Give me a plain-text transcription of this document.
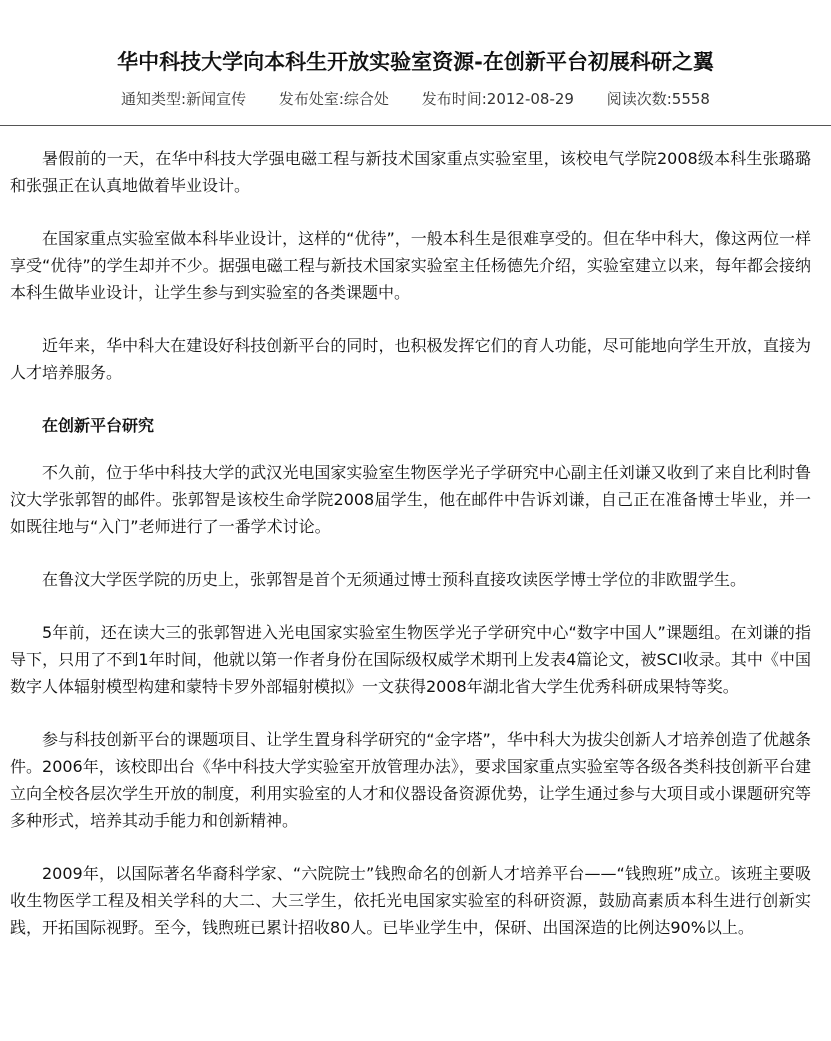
华中科技大学向本科生开放实验室资源-在创新平台初展科研之翼
通知类型:新闻宣传 发布处室:综合处 发布时间:2012-08-29 阅读次数:5558

暑假前的一天，在华中科技大学强电磁工程与新技术国家重点实验室里，该校电气学院2008级本科生张璐璐和张强正在认真地做着毕业设计。

在国家重点实验室做本科毕业设计，这样的“优待”，一般本科生是很难享受的。但在华中科大，像这两位一样享受“优待”的学生却并不少。据强电磁工程与新技术国家实验室主任杨德先介绍，实验室建立以来，每年都会接纳本科生做毕业设计，让学生参与到实验室的各类课题中。

近年来，华中科大在建设好科技创新平台的同时，也积极发挥它们的育人功能，尽可能地向学生开放，直接为人才培养服务。

在创新平台研究

不久前，位于华中科技大学的武汉光电国家实验室生物医学光子学研究中心副主任刘谦又收到了来自比利时鲁汶大学张郭智的邮件。张郭智是该校生命学院2008届学生，他在邮件中告诉刘谦，自己正在准备博士毕业，并一如既往地与“入门”老师进行了一番学术讨论。

在鲁汶大学医学院的历史上，张郭智是首个无须通过博士预科直接攻读医学博士学位的非欧盟学生。

5年前，还在读大三的张郭智进入光电国家实验室生物医学光子学研究中心“数字中国人”课题组。在刘谦的指导下，只用了不到1年时间，他就以第一作者身份在国际级权威学术期刊上发表4篇论文，被SCI收录。其中《中国数字人体辐射模型构建和蒙特卡罗外部辐射模拟》一文获得2008年湖北省大学生优秀科研成果特等奖。

参与科技创新平台的课题项目、让学生置身科学研究的“金字塔”，华中科大为拔尖创新人才培养创造了优越条件。2006年，该校即出台《华中科技大学实验室开放管理办法》，要求国家重点实验室等各级各类科技创新平台建立向全校各层次学生开放的制度，利用实验室的人才和仪器设备资源优势，让学生通过参与大项目或小课题研究等多种形式，培养其动手能力和创新精神。

2009年，以国际著名华裔科学家、“六院院士”钱煦命名的创新人才培养平台——“钱煦班”成立。该班主要吸收生物医学工程及相关学科的大二、大三学生，依托光电国家实验室的科研资源，鼓励高素质本科生进行创新实践，开拓国际视野。至今，钱煦班已累计招收80人。已毕业学生中，保研、出国深造的比例达90%以上。
